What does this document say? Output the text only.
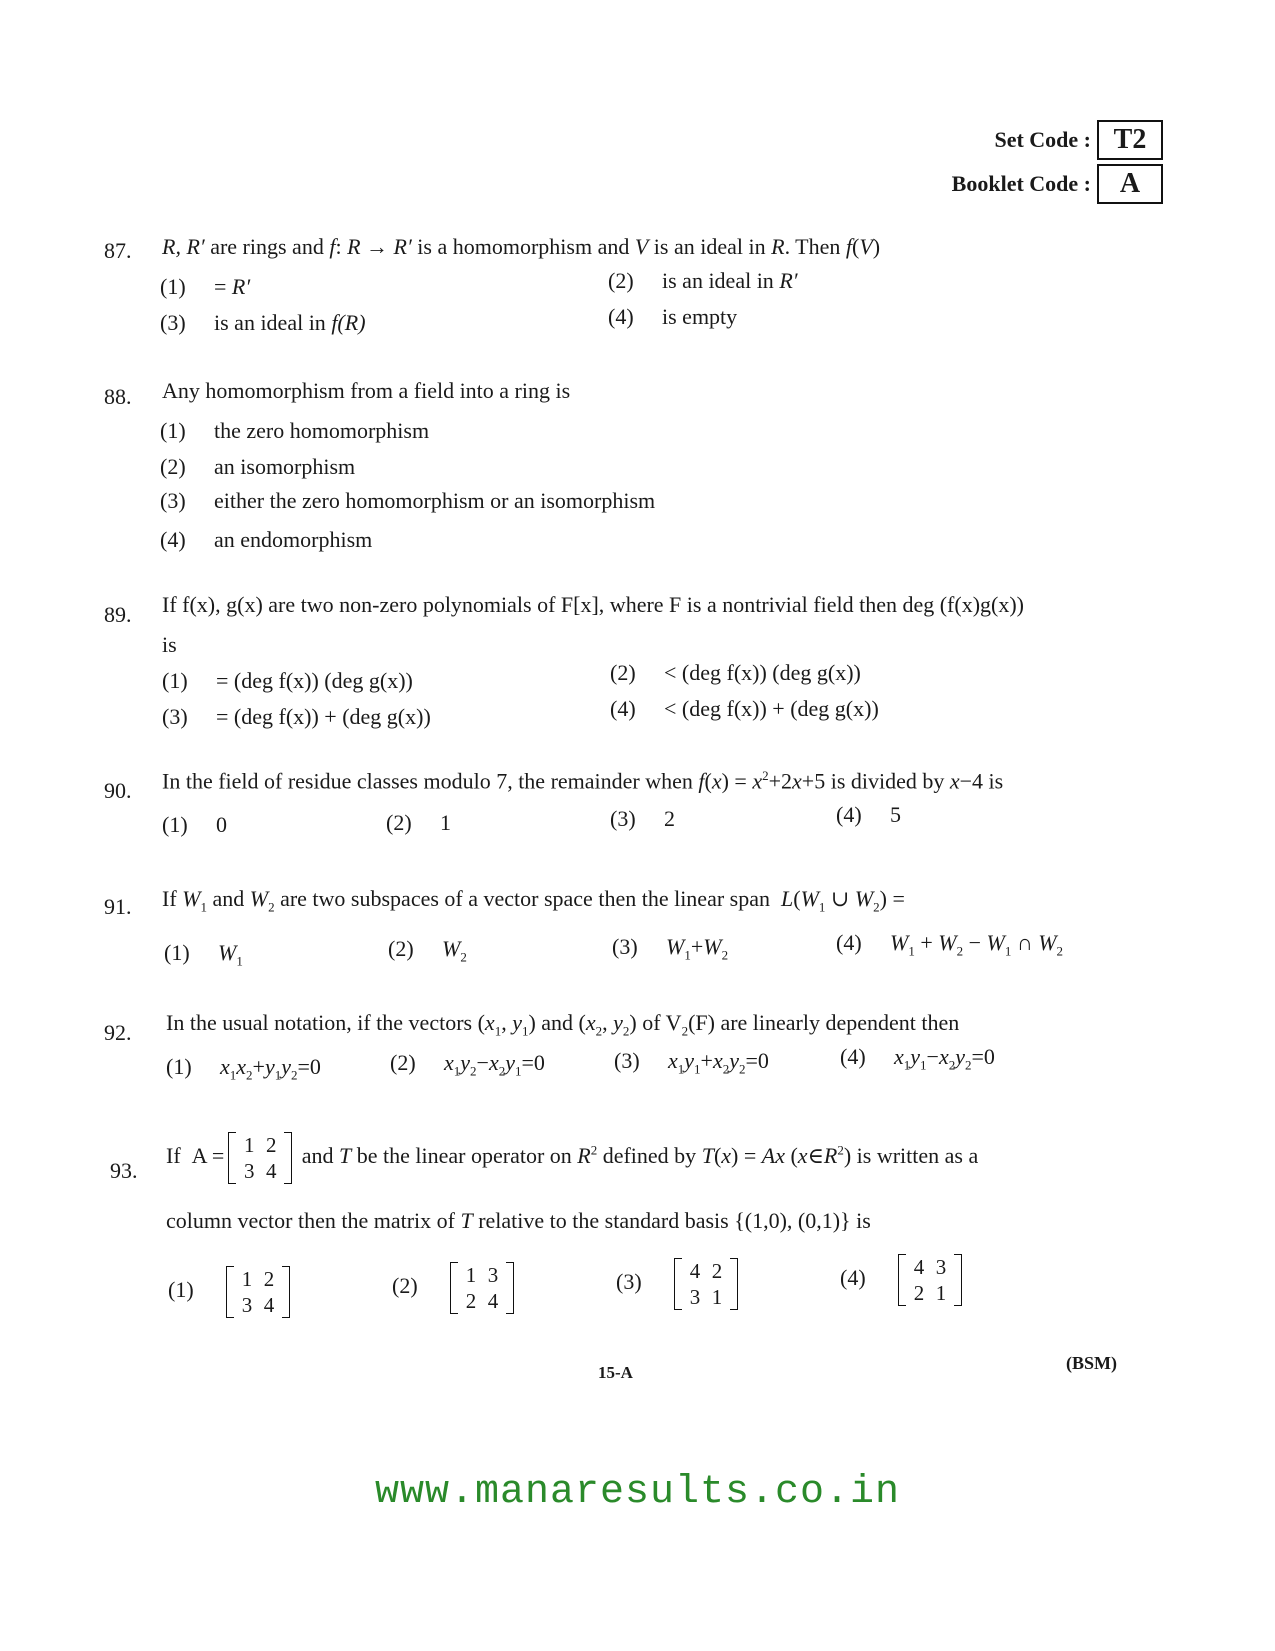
Set Code : T2
Booklet Code :	A
87. R, R′ are rings and f: R → R′ is a homomorphism and V is an ideal in R. Then f(V)
(1) = R′	(2) is an ideal in R′
(3) is an ideal in f(R)	(4) is empty
88. Any homomorphism from a field into a ring is
(1) the zero homomorphism
(2) an isomorphism
(3) either the zero homomorphism or an isomorphism
(4) an endomorphism
89. If f(x), g(x) are two non-zero polynomials of F[x], where F is a nontrivial field then deg (f(x)g(x))
is
(1) = (deg f(x)) (deg g(x))	(2) < (deg f(x)) (deg g(x))
(3) = (deg f(x)) + (deg g(x))	(4) < (deg f(x)) + (deg g(x))
90. In the field of residue classes modulo 7, the remainder when $f(x) = x^2+2x+5$ is divided by x−4 is
(1) 0	(2) 1	(3) 2	(4) 5
91. If $W_1$ and $W_2$ are two subspaces of a vector space then the linear span  $L(W_1$ ∪ $W_2$) =
(1) $W_1$	(2) $W_2$	(3) $W_1+W_2$	(4) $W_1 + W_2 - W_1$ ∩ $W_2$
92. In the usual notation, if the vectors ($x_1$, $y_1$) and ($x_2$, $y_2$) of $V_2(F)$ are linearly dependent then
(1) $x_1x_2+y_1y_2=0$	(2) $x_1y_2-x_2y_1=0$	(3) $x_1y_1+x_2y_2=0$	(4) $x_1y_1-x_2y_2=0$
93.
If  A = 1 2
3 4
and T be the linear operator on $R^2$ defined by T(x) = Ax $(x\in R^2)$ is written as a
column vector then the matrix of T relative to the standard basis {(1,0), (0,1)} is
(1) 1 2
3 4
(2) 1 3
2 4
(3) 4 2
3 1
(4) 4 3
2 1
15-A	(BSM)
www.manaresults.co.in
